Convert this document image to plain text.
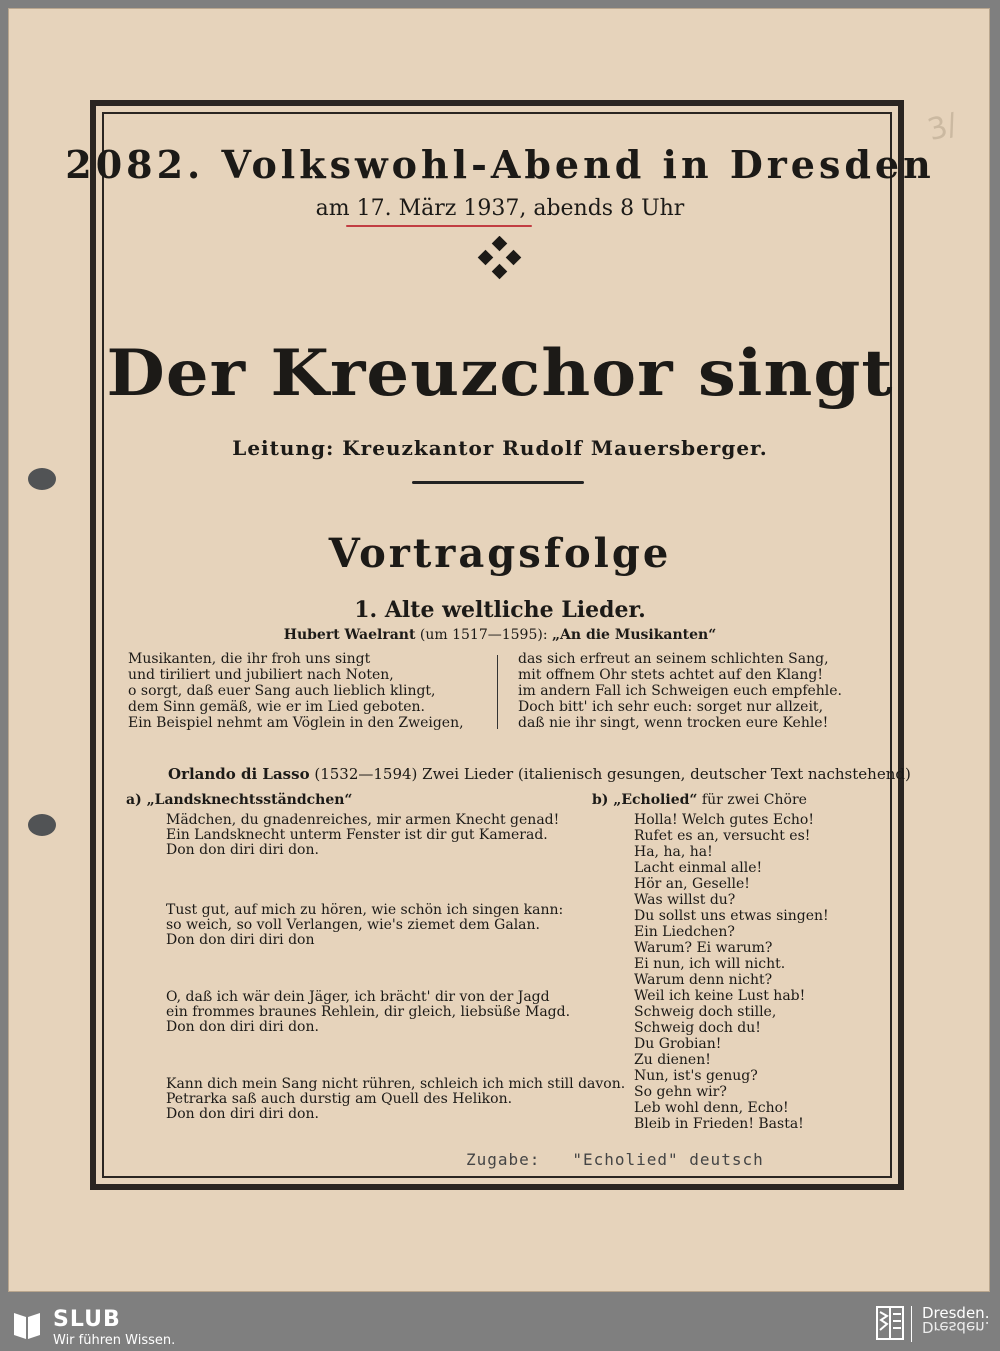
3/
2082. Volkswohl-Abend in Dresden
am 17. März 1937, abends 8 Uhr
Der Kreuzchor singt
Leitung: Kreuzkantor Rudolf Mauersberger.
Vortragsfolge
1. Alte weltliche Lieder.
Hubert Waelrant (um 1517—1595): „An die Musikanten“
Musikanten, die ihr froh uns singt
und tiriliert und jubiliert nach Noten,
o sorgt, daß euer Sang auch lieblich klingt,
dem Sinn gemäß, wie er im Lied geboten.
Ein Beispiel nehmt am Vöglein in den Zweigen,
das sich erfreut an seinem schlichten Sang,
mit offnem Ohr stets achtet auf den Klang!
im andern Fall ich Schweigen euch empfehle.
Doch bitt' ich sehr euch: sorget nur allzeit,
daß nie ihr singt, wenn trocken eure Kehle!
Orlando di Lasso (1532—1594) Zwei Lieder (italienisch gesungen, deutscher Text nachstehend)
a) „Landsknechtsständchen“
Mädchen, du gnadenreiches, mir armen Knecht genad!
Ein Landsknecht unterm Fenster ist dir gut Kamerad.
Don don diri diri don.
Tust gut, auf mich zu hören, wie schön ich singen kann:
so weich, so voll Verlangen, wie's ziemet dem Galan.
Don don diri diri don
O, daß ich wär dein Jäger, ich brächt' dir von der Jagd
ein frommes braunes Rehlein, dir gleich, liebsüße Magd.
Don don diri diri don.
Kann dich mein Sang nicht rühren, schleich ich mich still davon.
Petrarka saß auch durstig am Quell des Helikon.
Don don diri diri don.
b) „Echolied“ für zwei Chöre
Holla! Welch gutes Echo!
Rufet es an, versucht es!
Ha, ha, ha!
Lacht einmal alle!
Hör an, Geselle!
Was willst du?
Du sollst uns etwas singen!
Ein Liedchen?
Warum? Ei warum?
Ei nun, ich will nicht.
Warum denn nicht?
Weil ich keine Lust hab!
Schweig doch stille,
Schweig doch du!
Du Grobian!
Zu dienen!
Nun, ist's genug?
So gehn wir?
Leb wohl denn, Echo!
Bleib in Frieden! Basta!
Zugabe:   "Echolied" deutsch
SLUB
Wir führen Wissen.
Dresden.
Dresden.
